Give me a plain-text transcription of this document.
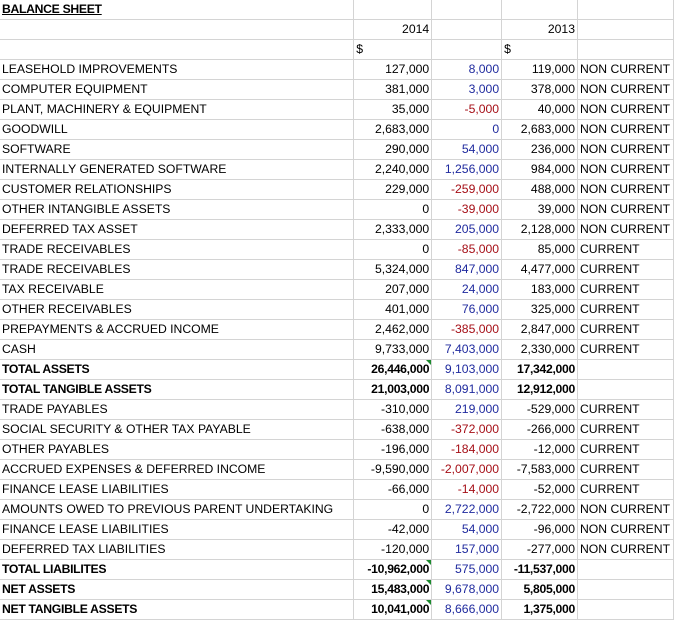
BALANCE SHEET				
	2014		2013	
	$		$	
LEASEHOLD IMPROVEMENTS	127,000	8,000	119,000	NON CURRENT
COMPUTER EQUIPMENT	381,000	3,000	378,000	NON CURRENT
PLANT, MACHINERY & EQUIPMENT	35,000	-5,000	40,000	NON CURRENT
GOODWILL	2,683,000	0	2,683,000	NON CURRENT
SOFTWARE	290,000	54,000	236,000	NON CURRENT
INTERNALLY GENERATED SOFTWARE	2,240,000	1,256,000	984,000	NON CURRENT
CUSTOMER RELATIONSHIPS	229,000	-259,000	488,000	NON CURRENT
OTHER INTANGIBLE ASSETS	0	-39,000	39,000	NON CURRENT
DEFERRED TAX ASSET	2,333,000	205,000	2,128,000	NON CURRENT
TRADE RECEIVABLES	0	-85,000	85,000	CURRENT
TRADE RECEIVABLES	5,324,000	847,000	4,477,000	CURRENT
TAX RECEIVABLE	207,000	24,000	183,000	CURRENT
OTHER RECEIVABLES	401,000	76,000	325,000	CURRENT
PREPAYMENTS & ACCRUED INCOME	2,462,000	-385,000	2,847,000	CURRENT
CASH	9,733,000	7,403,000	2,330,000	CURRENT
TOTAL ASSETS	26,446,000	9,103,000	17,342,000	
TOTAL TANGIBLE ASSETS	21,003,000	8,091,000	12,912,000	
TRADE PAYABLES	-310,000	219,000	-529,000	CURRENT
SOCIAL SECURITY & OTHER TAX PAYABLE	-638,000	-372,000	-266,000	CURRENT
OTHER PAYABLES	-196,000	-184,000	-12,000	CURRENT
ACCRUED EXPENSES & DEFERRED INCOME	-9,590,000	-2,007,000	-7,583,000	CURRENT
FINANCE LEASE LIABILITIES	-66,000	-14,000	-52,000	CURRENT
AMOUNTS OWED TO PREVIOUS PARENT UNDERTAKING	0	2,722,000	-2,722,000	NON CURRENT
FINANCE LEASE LIABILITIES	-42,000	54,000	-96,000	NON CURRENT
DEFERRED TAX LIABILITIES	-120,000	157,000	-277,000	NON CURRENT
TOTAL LIABILITES	-10,962,000	575,000	-11,537,000	
NET ASSETS	15,483,000	9,678,000	5,805,000	
NET TANGIBLE ASSETS	10,041,000	8,666,000	1,375,000	
